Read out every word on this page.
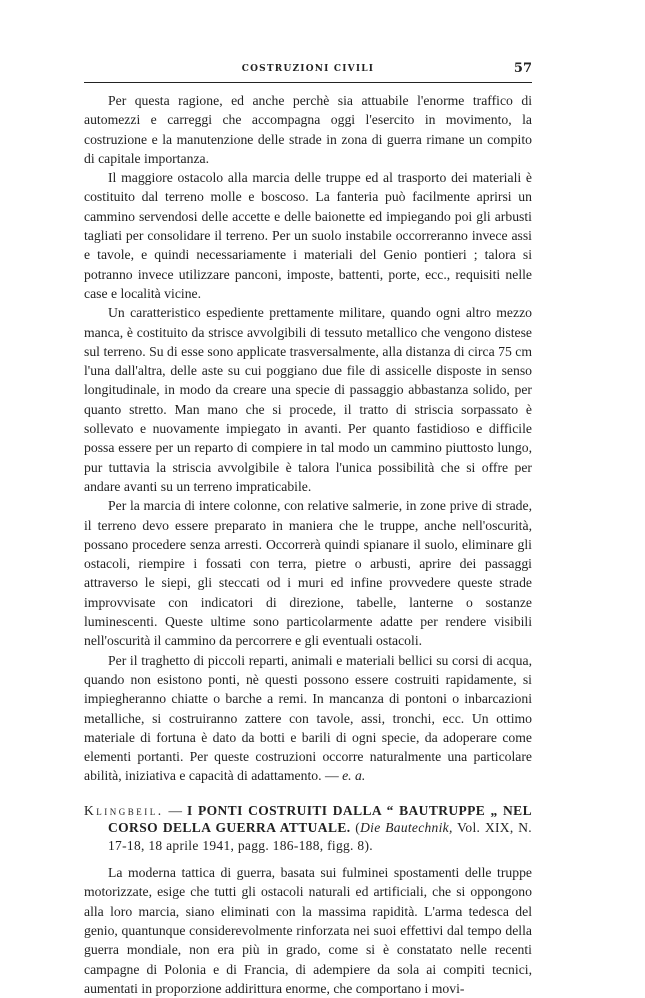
COSTRUZIONI CIVILI	57

Per questa ragione, ed anche perchè sia attuabile l'enorme traffico di automezzi e carreggi che accompagna oggi l'esercito in movimento, la costruzione e la manutenzione delle strade in zona di guerra rimane un compito di capitale importanza.

Il maggiore ostacolo alla marcia delle truppe ed al trasporto dei materiali è costituito dal terreno molle e boscoso. La fanteria può facilmente aprirsi un cammino servendosi delle accette e delle baionette ed impiegando poi gli arbusti tagliati per consolidare il terreno. Per un suolo instabile occorreranno invece assi e tavole, e quindi necessariamente i materiali del Genio pontieri ; talora si potranno invece utilizzare panconi, imposte, battenti, porte, ecc., requisiti nelle case e località vicine.

Un caratteristico espediente prettamente militare, quando ogni altro mezzo manca, è costituito da strisce avvolgibili di tessuto metallico che vengono distese sul terreno. Su di esse sono applicate trasversalmente, alla distanza di circa 75 cm l'una dall'altra, delle aste su cui poggiano due file di assicelle disposte in senso longitudinale, in modo da creare una specie di passaggio abbastanza solido, per quanto stretto. Man mano che si procede, il tratto di striscia sorpassato è sollevato e nuovamente impiegato in avanti. Per quanto fastidioso e difficile possa essere per un reparto di compiere in tal modo un cammino piuttosto lungo, pur tuttavia la striscia avvolgibile è talora l'unica possibilità che si offre per andare avanti su un terreno impraticabile.

Per la marcia di intere colonne, con relative salmerie, in zone prive di strade, il terreno devo essere preparato in maniera che le truppe, anche nell'oscurità, possano procedere senza arresti. Occorrerà quindi spianare il suolo, eliminare gli ostacoli, riempire i fossati con terra, pietre o arbusti, aprire dei passaggi attraverso le siepi, gli steccati od i muri ed infine provvedere queste strade improvvisate con indicatori di direzione, tabelle, lanterne o sostanze luminescenti. Queste ultime sono particolarmente adatte per rendere visibili nell'oscurità il cammino da percorrere e gli eventuali ostacoli.

Per il traghetto di piccoli reparti, animali e materiali bellici su corsi di acqua, quando non esistono ponti, nè questi possono essere costruiti rapidamente, si impiegheranno chiatte o barche a remi. In mancanza di pontoni o inbarcazioni metalliche, si costruiranno zattere con tavole, assi, tronchi, ecc. Un ottimo materiale di fortuna è dato da botti e barili di ogni specie, da adoperare come elementi portanti. Per queste costruzioni occorre naturalmente una particolare abilità, iniziativa e capacità di adattamento. — e. a.

Klingbeil. — I PONTI COSTRUITI DALLA “ BAUTRUPPE „ NEL CORSO DELLA GUERRA ATTUALE. (Die Bautechnik, Vol. XIX, N. 17-18, 18 aprile 1941, pagg. 186-188, figg. 8).

La moderna tattica di guerra, basata sui fulminei spostamenti delle truppe motorizzate, esige che tutti gli ostacoli naturali ed artificiali, che si oppongono alla loro marcia, siano eliminati con la massima rapidità. L'arma tedesca del genio, quantunque considerevolmente rinforzata nei suoi effettivi dal tempo della guerra mondiale, non era più in grado, come si è constatato nelle recenti campagne di Polonia e di Francia, di adempiere da sola ai compiti tecnici, aumentati in proporzione addirittura enorme, che comportano i movi-
